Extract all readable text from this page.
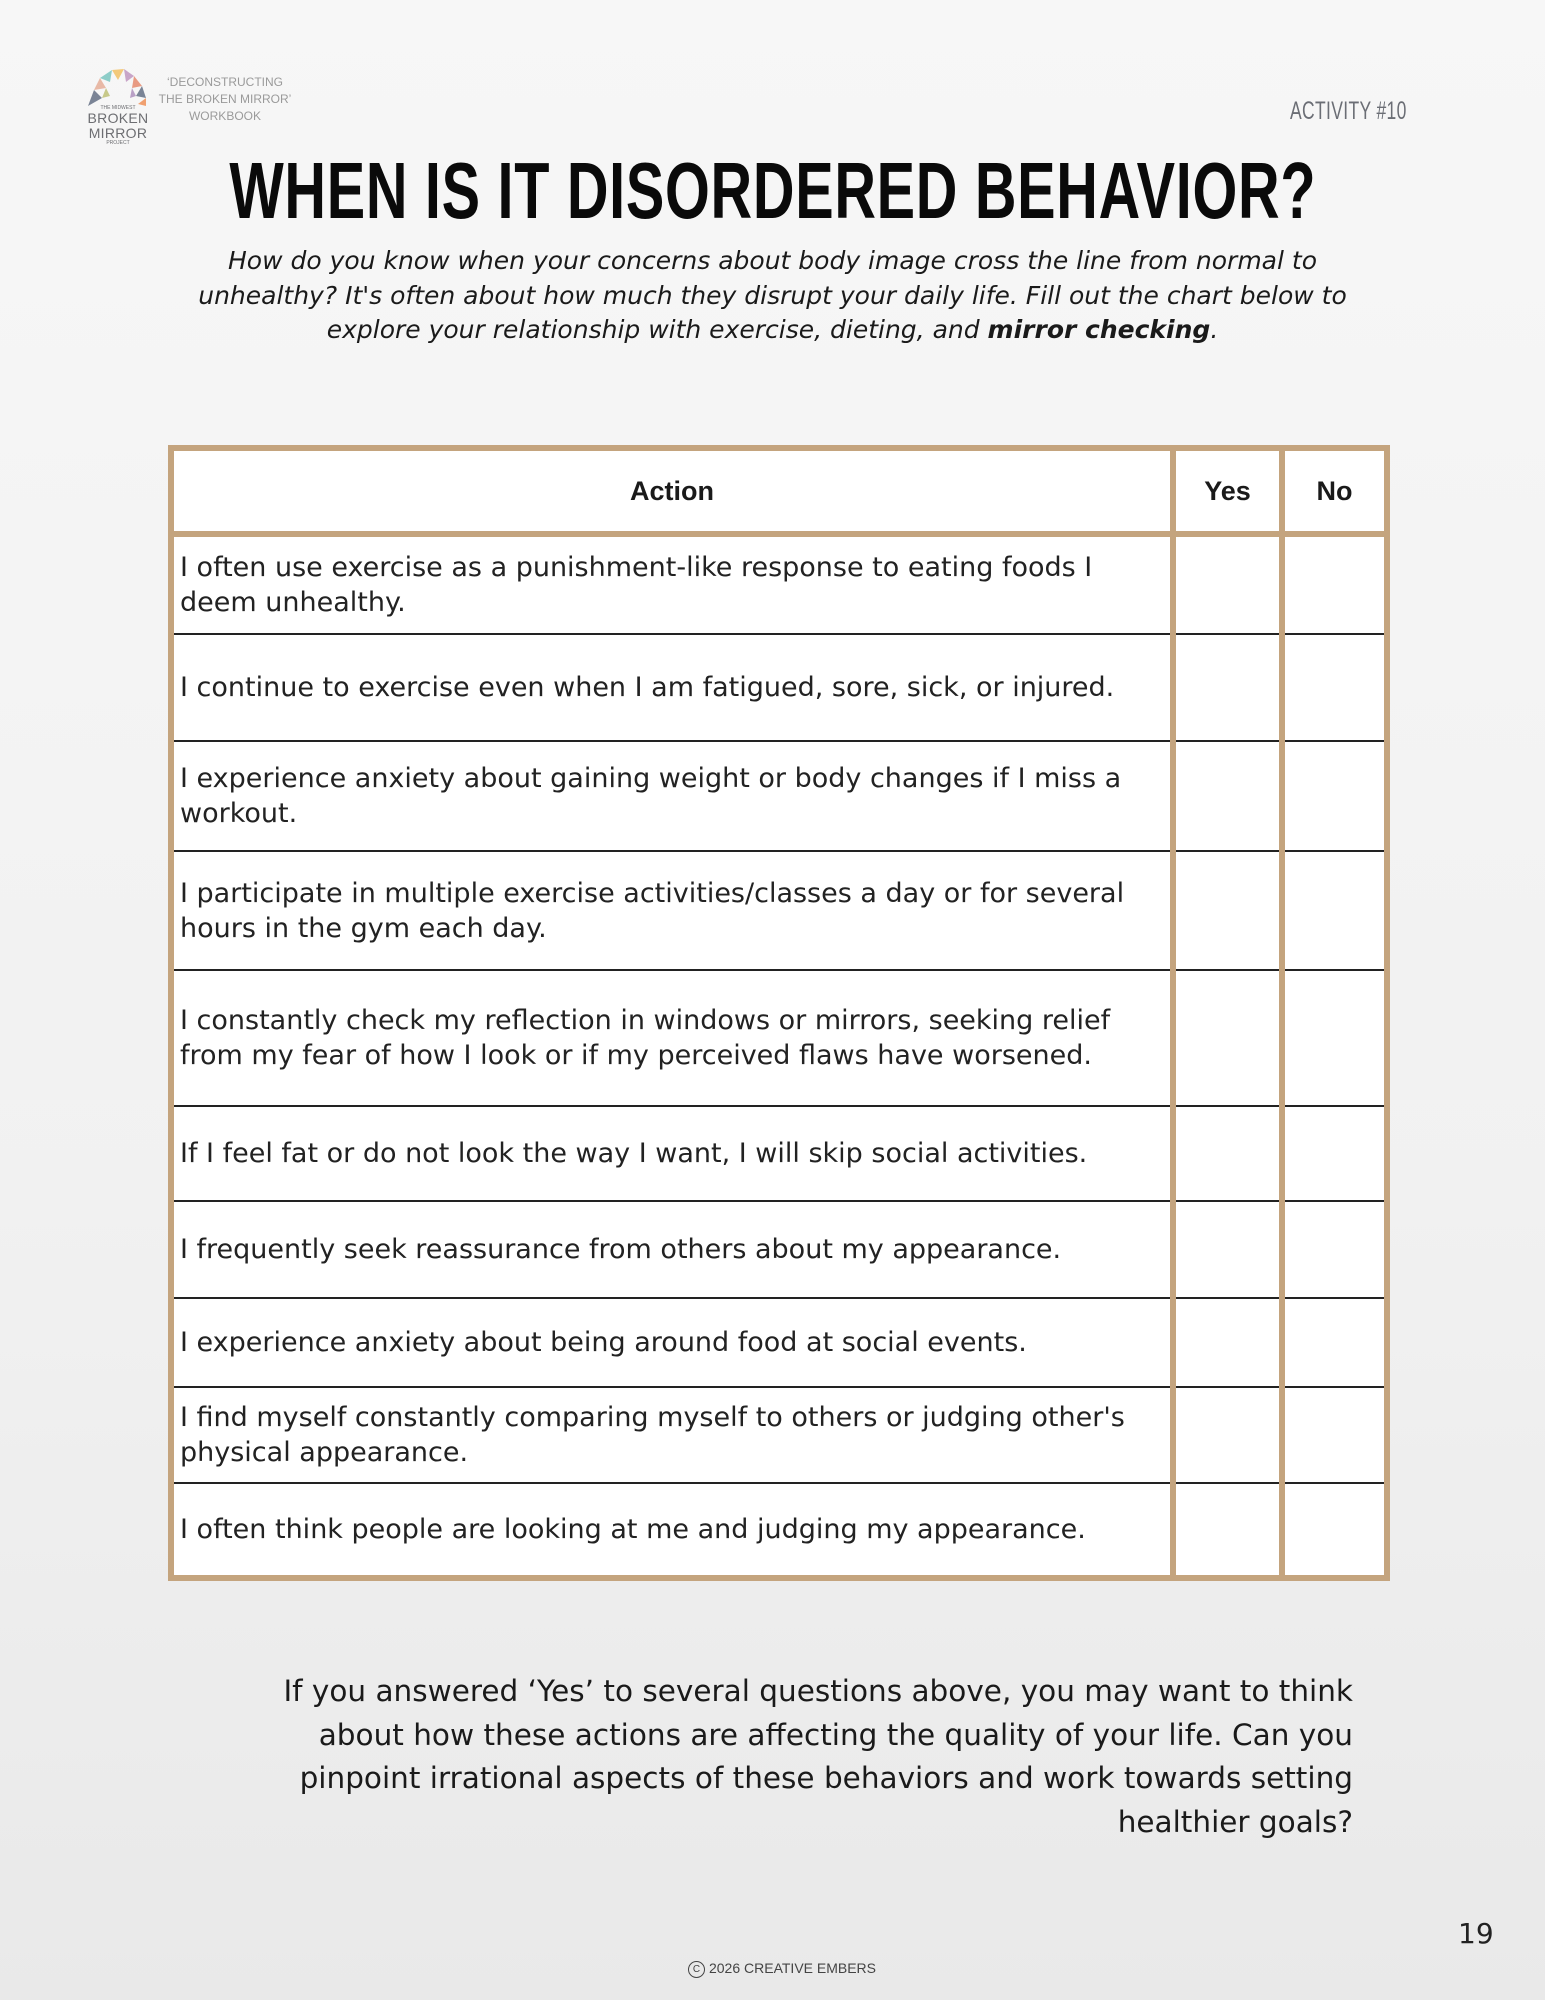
THE MIDWEST
BROKEN
MIRROR
PROJECT
‘DECONSTRUCTING
THE BROKEN MIRROR’
WORKBOOK	ACTIVITY #10
WHEN IS IT DISORDERED BEHAVIOR?
How do you know when your concerns about body image cross the line from normal to unhealthy? It's often about how much they disrupt your daily life. Fill out the chart below to explore your relationship with exercise, dieting, and mirror checking.
Action	Yes	No
I often use exercise as a punishment-like response to eating foods I deem unhealthy.		
I continue to exercise even when I am fatigued, sore, sick, or injured.		
I experience anxiety about gaining weight or body changes if I miss a workout.		
I participate in multiple exercise activities/classes a day or for several hours in the gym each day.		
I constantly check my reflection in windows or mirrors, seeking relief from my fear of how I look or if my perceived flaws have worsened.		
If I feel fat or do not look the way I want, I will skip social activities.		
I frequently seek reassurance from others about my appearance.		
I experience anxiety about being around food at social events.		
I find myself constantly comparing myself to others or judging other's physical appearance.		
I often think people are looking at me and judging my appearance.		
If you answered ‘Yes’ to several questions above, you may want to think about how these actions are affecting the quality of your life. Can you pinpoint irrational aspects of these behaviors and work towards setting healthier goals?
C 2026 CREATIVE EMBERS
19
